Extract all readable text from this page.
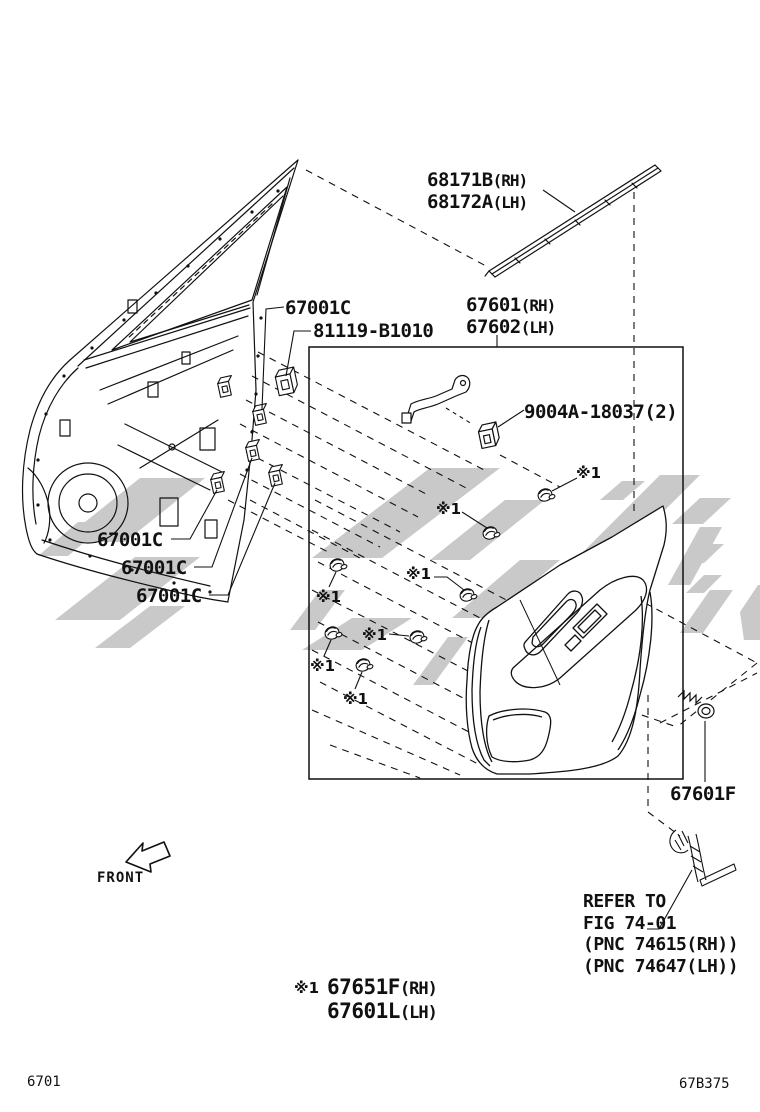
68171B(RH)
68172A(LH)
67001C
81119-B1010
67601(RH)
67602(LH)
9004A-18037(2)
※1
※1
※1
※1
※1
※1
※1
67001C
67001C
67001C
67601F
REFER TO
FIG 74-01
(PNC 74615(RH))
(PNC 74647(LH))
※1 67651F(RH)
67601L(LH)
FRONT
6701	67B375
